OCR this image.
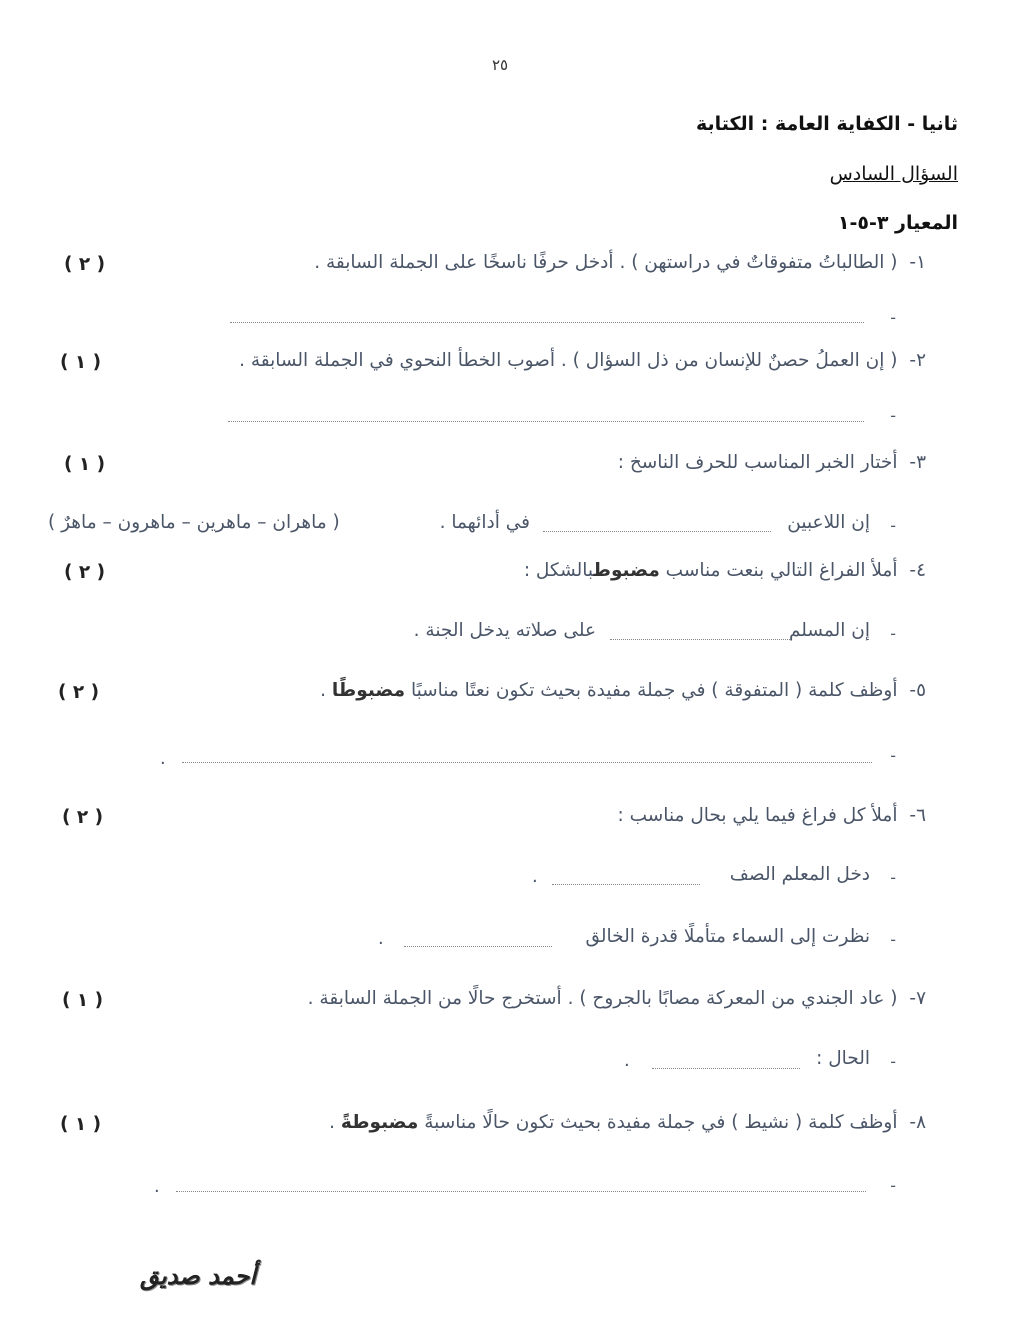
٢٥
ثانيا - الكفاية العامة : الكتابة
السؤال السادس
المعيار ٣-٥-١
١- ( الطالباتُ متفوقاتٌ في دراستهن ) . أدخل حرفًا ناسخًا على الجملة السابقة .
( ٢ )
-
٢- ( إن العملُ حصنٌ للإنسان من ذل السؤال ) . أصوب الخطأ النحوي في الجملة السابقة .
( ١ )
-
٣- أختار الخبر المناسب للحرف الناسخ :
( ١ )
-
إن اللاعبين
في أدائهما .
( ماهران – ماهرين – ماهرون – ماهرٌ )
٤- أملأ الفراغ التالي بنعت مناسب مضبوطبالشكل :
( ٢ )
-
إن المسلم
على صلاته يدخل الجنة .
٥- أوظف كلمة ( المتفوقة ) في جملة مفيدة بحيث تكون نعتًا مناسبًا مضبوطًا .
( ٢ )
-
.
٦- أملأ كل فراغ فيما يلي بحال مناسب :
( ٢ )
-
دخل المعلم الصف
.
-
نظرت إلى السماء متأملًا قدرة الخالق
.
٧- ( عاد الجندي من المعركة مصابًا بالجروح ) . أستخرج حالًا من الجملة السابقة .
( ١ )
-
الحال :
.
٨- أوظف كلمة ( نشيط ) في جملة مفيدة بحيث تكون حالًا مناسبةً مضبوطةً .
( ١ )
-
.
أحمد صديق
